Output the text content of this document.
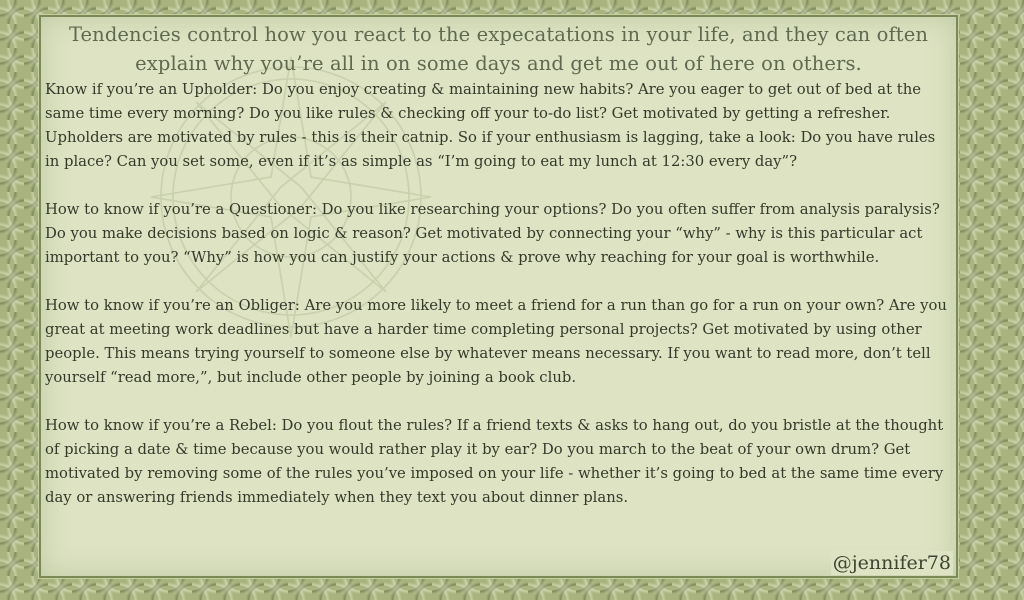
Tendencies control how you react to the expecatations in your life, and they can often explain why you’re all in on some days and get me out of here on others.

Know if you’re an Upholder: Do you enjoy creating & maintaining new habits? Are you eager to get out of bed at the same time every morning? Do you like rules & checking off your to-do list? Get motivated by getting a refresher. Upholders are motivated by rules - this is their catnip. So if your enthusiasm is lagging, take a look: Do you have rules in place? Can you set some, even if it’s as simple as “I’m going to eat my lunch at 12:30 every day”?

How to know if you’re a Questioner: Do you like researching your options? Do you often suffer from analysis paralysis? Do you make decisions based on logic & reason? Get motivated by connecting your “why” - why is this particular act important to you? “Why” is how you can justify your actions & prove why reaching for your goal is worthwhile.

How to know if you’re an Obliger: Are you more likely to meet a friend for a run than go for a run on your own? Are you great at meeting work deadlines but have a harder time completing personal projects? Get motivated by using other people. This means trying yourself to someone else by whatever means necessary. If you want to read more, don’t tell yourself “read more,”, but include other people by joining a book club.

How to know if you’re a Rebel: Do you flout the rules? If a friend texts & asks to hang out, do you bristle at the thought of picking a date & time because you would rather play it by ear? Do you march to the beat of your own drum? Get motivated by removing some of the rules you’ve imposed on your life - whether it’s going to bed at the same time every day or answering friends immediately when they text you about dinner plans.

@jennifer78
